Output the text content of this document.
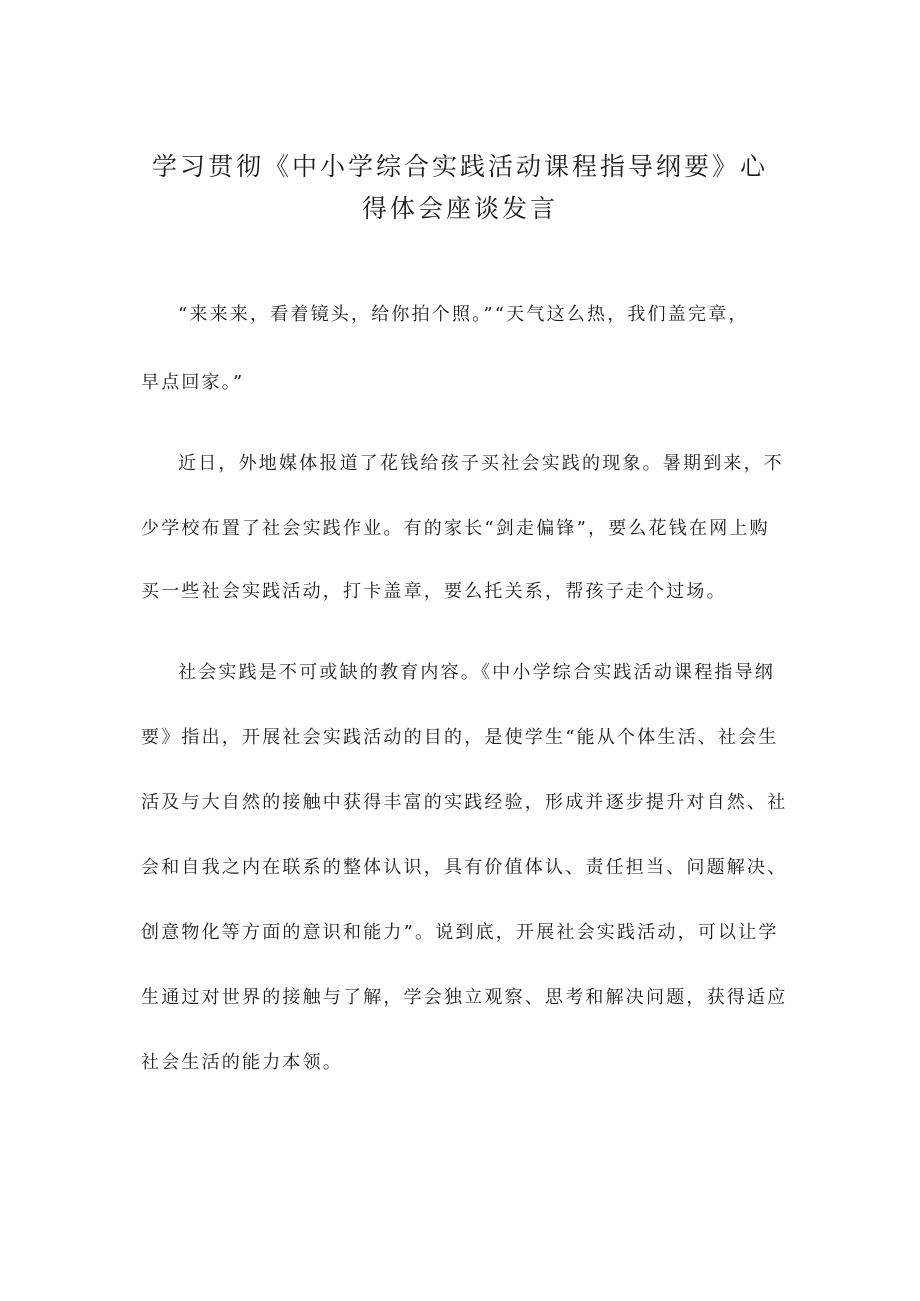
学习贯彻《中小学综合实践活动课程指导纲要》心
得体会座谈发言
“来来来，看着镜头，给你拍个照。”“天气这么热，我们盖完章，
早点回家。”
近日，外地媒体报道了花钱给孩子买社会实践的现象。暑期到来，不
少学校布置了社会实践作业。有的家长“剑走偏锋”，要么花钱在网上购
买一些社会实践活动，打卡盖章，要么托关系，帮孩子走个过场。
社会实践是不可或缺的教育内容。《中小学综合实践活动课程指导纲
要》指出，开展社会实践活动的目的，是使学生“能从个体生活、社会生
活及与大自然的接触中获得丰富的实践经验，形成并逐步提升对自然、社
会和自我之内在联系的整体认识，具有价值体认、责任担当、问题解决、
创意物化等方面的意识和能力”。说到底，开展社会实践活动，可以让学
生通过对世界的接触与了解，学会独立观察、思考和解决问题，获得适应
社会生活的能力本领。
